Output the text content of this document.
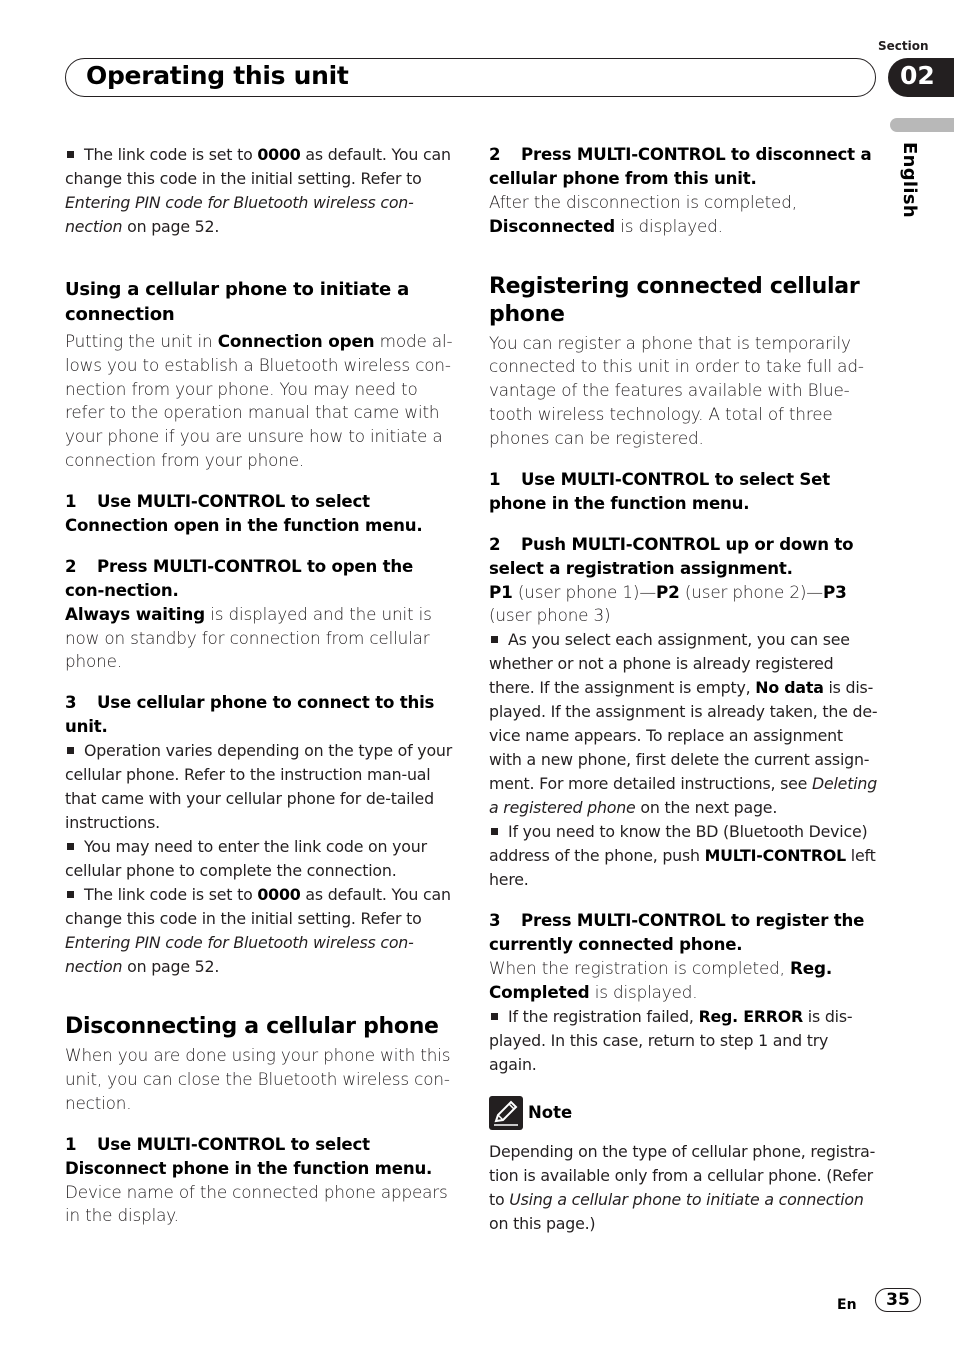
Section
Operating this unit	02
English
The link code is set to 0000 as default. You can change this code in the initial setting. Refer to Entering PIN code for Bluetooth wireless con-nection on page 52.
Using a cellular phone to initiate a connection
Putting the unit in Connection open mode al-lows you to establish a Bluetooth wireless con-nection from your phone. You may need to refer to the operation manual that came with your phone if you are unsure how to initiate a connection from your phone.
1 Use MULTI-CONTROL to select Connection open in the function menu.
2 Press MULTI-CONTROL to open the con-nection.
Always waiting is displayed and the unit is now on standby for connection from cellular phone.
3 Use cellular phone to connect to this unit.
Operation varies depending on the type of your cellular phone. Refer to the instruction man-ual that came with your cellular phone for de-tailed instructions.
You may need to enter the link code on your cellular phone to complete the connection.
The link code is set to 0000 as default. You can change this code in the initial setting. Refer to Entering PIN code for Bluetooth wireless con-nection on page 52.
Disconnecting a cellular phone
When you are done using your phone with this unit, you can close the Bluetooth wireless con-nection.
1 Use MULTI-CONTROL to select Disconnect phone in the function menu.
Device name of the connected phone appears in the display.
2 Press MULTI-CONTROL to disconnect a cellular phone from this unit.
After the disconnection is completed, Disconnected is displayed.
Registering connected cellular phone
You can register a phone that is temporarily connected to this unit in order to take full ad-vantage of the features available with Blue-tooth wireless technology. A total of three phones can be registered.
1 Use MULTI-CONTROL to select Set phone in the function menu.
2 Push MULTI-CONTROL up or down to select a registration assignment.
P1 (user phone 1)—P2 (user phone 2)—P3 (user phone 3)
As you select each assignment, you can see whether or not a phone is already registered there. If the assignment is empty, No data is dis-played. If the assignment is already taken, the de-vice name appears. To replace an assignment with a new phone, first delete the current assign-ment. For more detailed instructions, see Deleting a registered phone on the next page.
If you need to know the BD (Bluetooth Device) address of the phone, push MULTI-CONTROL left here.
3 Press MULTI-CONTROL to register the currently connected phone.
When the registration is completed, Reg. Completed is displayed.
If the registration failed, Reg. ERROR is dis-played. In this case, return to step 1 and try again.
Note
Depending on the type of cellular phone, registra-tion is available only from a cellular phone. (Refer to Using a cellular phone to initiate a connection on this page.)
En	35
